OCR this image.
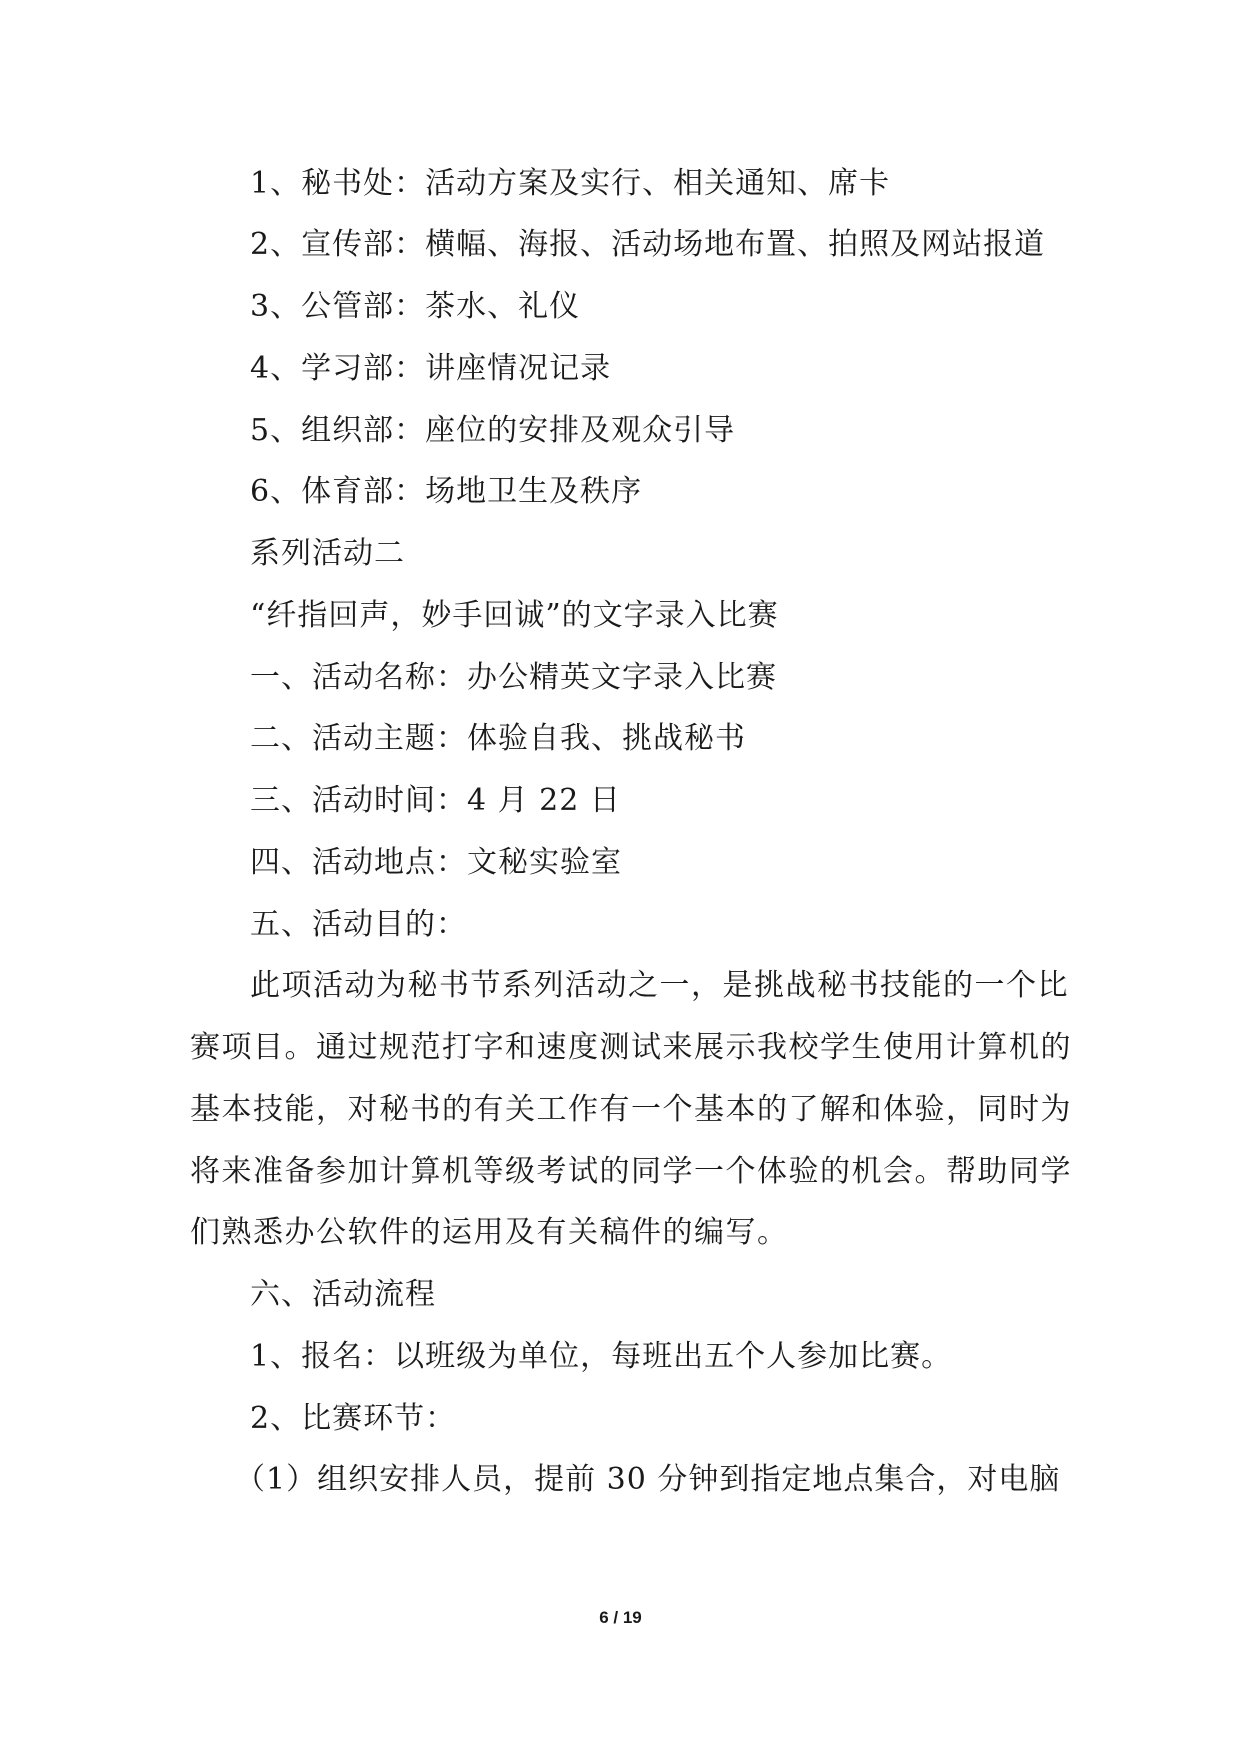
1、秘书处：活动方案及实行、相关通知、席卡
2、宣传部：横幅、海报、活动场地布置、拍照及网站报道
3、公管部：茶水、礼仪
4、学习部：讲座情况记录
5、组织部：座位的安排及观众引导
6、体育部：场地卫生及秩序
系列活动二
“纤指回声，妙手回诚”的文字录入比赛
一、活动名称：办公精英文字录入比赛
二、活动主题：体验自我、挑战秘书
三、活动时间：4 月 22 日
四、活动地点：文秘实验室
五、活动目的：
此项活动为秘书节系列活动之一，是挑战秘书技能的一个比
赛项目。通过规范打字和速度测试来展示我校学生使用计算机的
基本技能，对秘书的有关工作有一个基本的了解和体验，同时为
将来准备参加计算机等级考试的同学一个体验的机会。帮助同学
们熟悉办公软件的运用及有关稿件的编写。
六、活动流程
1、报名：以班级为单位，每班出五个人参加比赛。
2、比赛环节：
（1）组织安排人员，提前 30 分钟到指定地点集合，对电脑
6 / 19
